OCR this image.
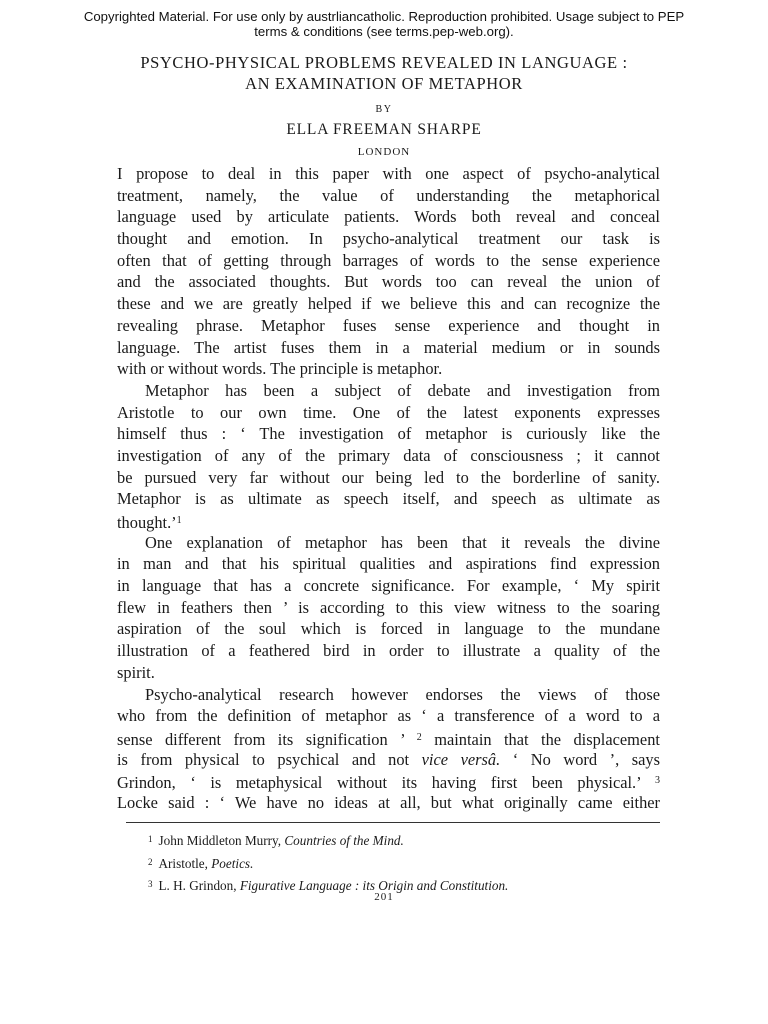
Copyrighted Material. For use only by austrliancatholic. Reproduction prohibited. Usage subject to PEP
terms & conditions (see terms.pep-web.org).
PSYCHO-PHYSICAL PROBLEMS REVEALED IN LANGUAGE :
AN EXAMINATION OF METAPHOR
BY
ELLA FREEMAN SHARPE
LONDON
I propose to deal in this paper with one aspect of psycho-analytical
treatment, namely, the value of understanding the metaphorical
language used by articulate patients. Words both reveal and conceal
thought and emotion. In psycho-analytical treatment our task is
often that of getting through barrages of words to the sense experience
and the associated thoughts. But words too can reveal the union of
these and we are greatly helped if we believe this and can recognize the
revealing phrase. Metaphor fuses sense experience and thought in
language. The artist fuses them in a material medium or in sounds
with or without words. The principle is metaphor.
Metaphor has been a subject of debate and investigation from
Aristotle to our own time. One of the latest exponents expresses
himself thus : ‘ The investigation of metaphor is curiously like the
investigation of any of the primary data of consciousness ; it cannot
be pursued very far without our being led to the borderline of sanity.
Metaphor is as ultimate as speech itself, and speech as ultimate as
thought.’$^1$
One explanation of metaphor has been that it reveals the divine
in man and that his spiritual qualities and aspirations find expression
in language that has a concrete significance. For example, ‘ My spirit
flew in feathers then ’ is according to this view witness to the soaring
aspiration of the soul which is forced in language to the mundane
illustration of a feathered bird in order to illustrate a quality of the
spirit.
Psycho-analytical research however endorses the views of those
who from the definition of metaphor as ‘ a transference of a word to a
sense different from its signification ’ $^2$ maintain that the displacement
is from physical to psychical and not vice versâ. ‘ No word ’, says
Grindon, ‘ is metaphysical without its having first been physical.’ $^3$
Locke said : ‘ We have no ideas at all, but what originally came either
$^1$ John Middleton Murry, Countries of the Mind.
$^2$ Aristotle, Poetics.
$^3$ L. H. Grindon, Figurative Language : its Origin and Constitution.
201
